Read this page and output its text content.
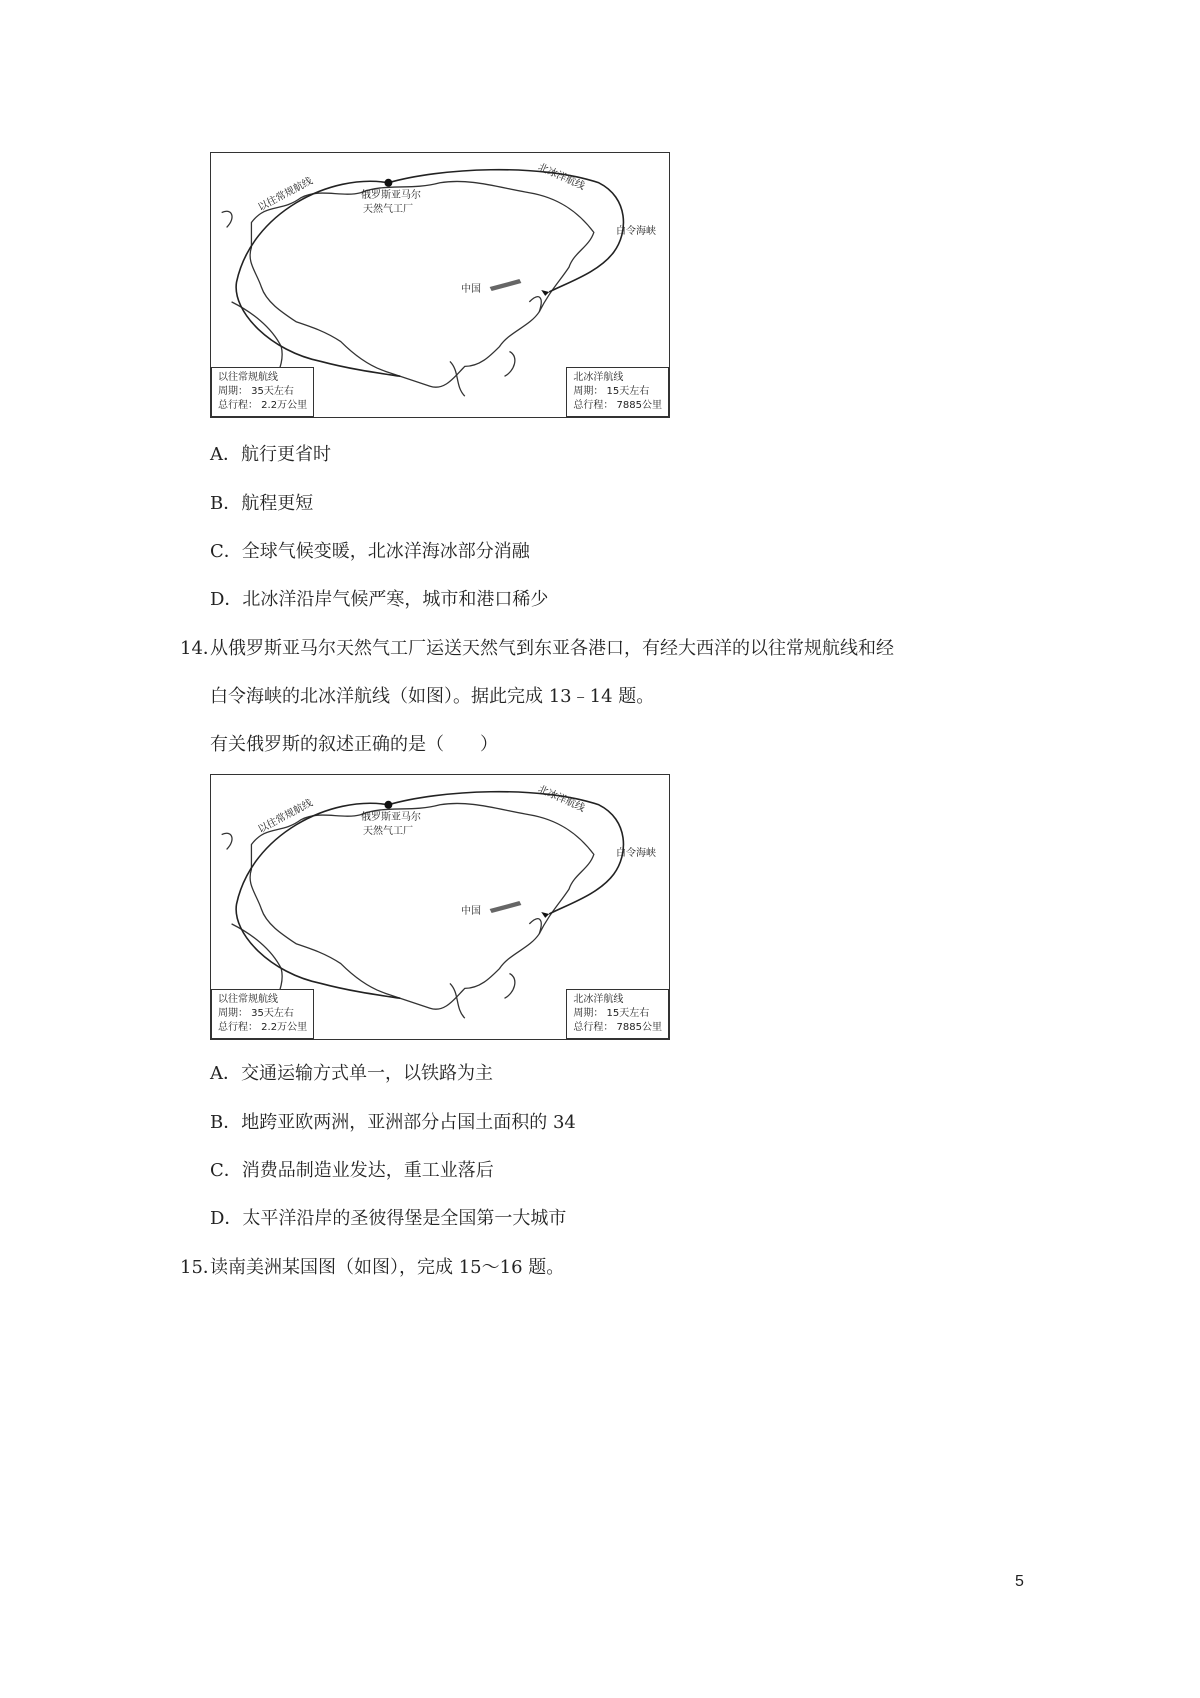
以往常规航线	北冰洋航线
俄罗斯亚马尔
天然气工厂
白令海峡
中国
以往常规航线
周期： 35天左右
总行程： 2.2万公里
北冰洋航线
周期： 15天左右
总行程： 7885公里
A．航行更省时
B．航程更短
C．全球气候变暖，北冰洋海冰部分消融
D．北冰洋沿岸气候严寒，城市和港口稀少
14．
从俄罗斯亚马尔天然气工厂运送天然气到东亚各港口，有经大西洋的以往常规航线和经
白令海峡的北冰洋航线（如图）。据此完成 13﹣14 题。
有关俄罗斯的叙述正确的是（　　）
以往常规航线	北冰洋航线
俄罗斯亚马尔
天然气工厂
白令海峡
中国
以往常规航线
周期： 35天左右
总行程： 2.2万公里
北冰洋航线
周期： 15天左右
总行程： 7885公里
A．交通运输方式单一，以铁路为主
B．地跨亚欧两洲，亚洲部分占国土面积的 34
C．消费品制造业发达，重工业落后
D．太平洋沿岸的圣彼得堡是全国第一大城市
15．
读南美洲某国图（如图），完成 15～16 题。
5
